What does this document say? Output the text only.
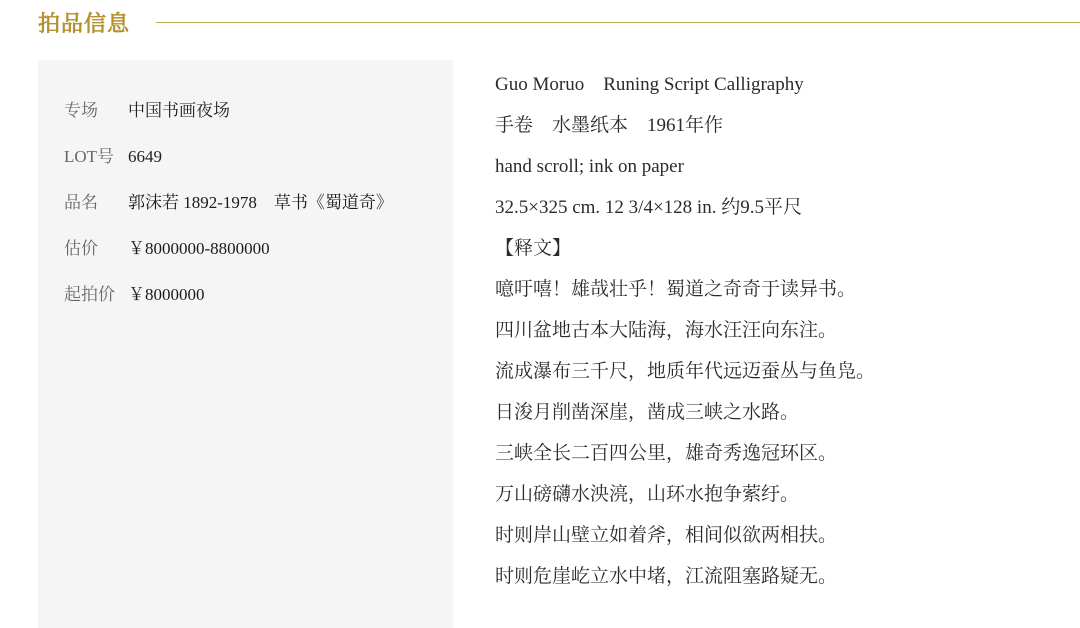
拍品信息
专场	中国书画夜场
LOT号 6649
品名	郭沫若 1892-1978　草书《蜀道奇》
估价	￥8000000-8800000
起拍价 ￥8000000
Guo Moruo　Runing Script Calligraphy
手卷　水墨纸本　1961年作
hand scroll; ink on paper
32.5×325 cm. 12 3/4×128 in. 约9.5平尺
【释文】
噫吁嘻！雄哉壮乎！蜀道之奇奇于读异书。
四川盆地古本大陆海，海水汪汪向东注。
流成瀑布三千尺，地质年代远迈蚕丛与鱼凫。
日浚月削凿深崖，凿成三峡之水路。
三峡全长二百四公里，雄奇秀逸冠环区。
万山磅礴水泱湸，山环水抱争萦纡。
时则岸山壁立如着斧，相间似欲两相扶。
时则危崖屹立水中堵，江流阻塞路疑无。
